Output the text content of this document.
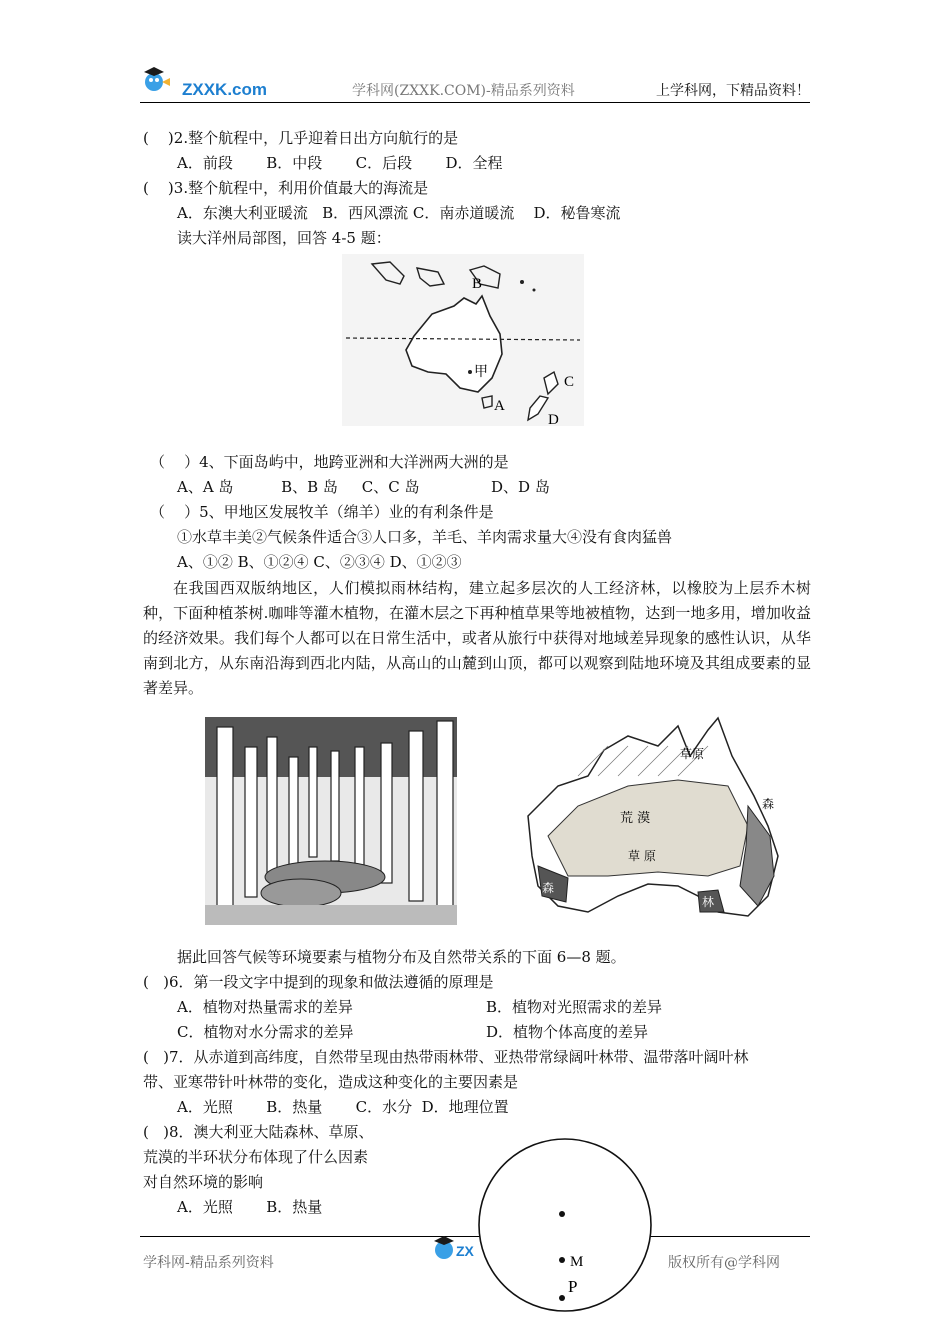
ZXXK.com	学科网(ZXXK.COM)-精品系列资料	上学科网，下精品资料！
(    )2.整个航程中，几乎迎着日出方向航行的是
A．前段       B．中段       C．后段       D．全程
(    )3.整个航程中，利用价值最大的海流是
A．东澳大利亚暖流   B．西风漂流 C．南赤道暖流    D．秘鲁寒流
读大洋州局部图，回答 4-5 题：
B
甲
A
C
D
（    ）4、下面岛屿中，地跨亚洲和大洋洲两大洲的是
A、A 岛          B、B 岛     C、C 岛               D、D 岛
（    ）5、甲地区发展牧羊（绵羊）业的有利条件是
①水草丰美②气候条件适合③人口多，羊毛、羊肉需求量大④没有食肉猛兽
A、①② B、①②④ C、②③④ D、①②③
在我国西双版纳地区，人们模拟雨林结构，建立起多层次的人工经济林，以橡胶为上层乔木树种，下面种植茶树.咖啡等灌木植物，在灌木层之下再种植草果等地被植物，达到一地多用，增加收益的经济效果。我们每个人都可以在日常生活中，或者从旅行中获得对地域差异现象的感性认识，从华南到北方，从东南沿海到西北内陆，从高山的山麓到山顶，都可以观察到陆地环境及其组成要素的显著差异。
草原
森
荒 漠
草 原
森
林
据此回答气候等环境要素与植物分布及自然带关系的下面 6—8 题。
(   )6．第一段文字中提到的现象和做法遵循的原理是
A．植物对热量需求的差异	B．植物对光照需求的差异
C．植物对水分需求的差异	D．植物个体高度的差异
(   )7．从赤道到高纬度，自然带呈现由热带雨林带、亚热带常绿阔叶林带、温带落叶阔叶林
带、亚寒带针叶林带的变化，造成这种变化的主要因素是
A．光照       B．热量       C．水分  D．地理位置
(   )8．澳大利亚大陆森林、草原、
荒漠的半环状分布体现了什么因素
对自然环境的影响
A．光照       B．热量
ZX
学科网-精品系列资料	版权所有@学科网
M
P
